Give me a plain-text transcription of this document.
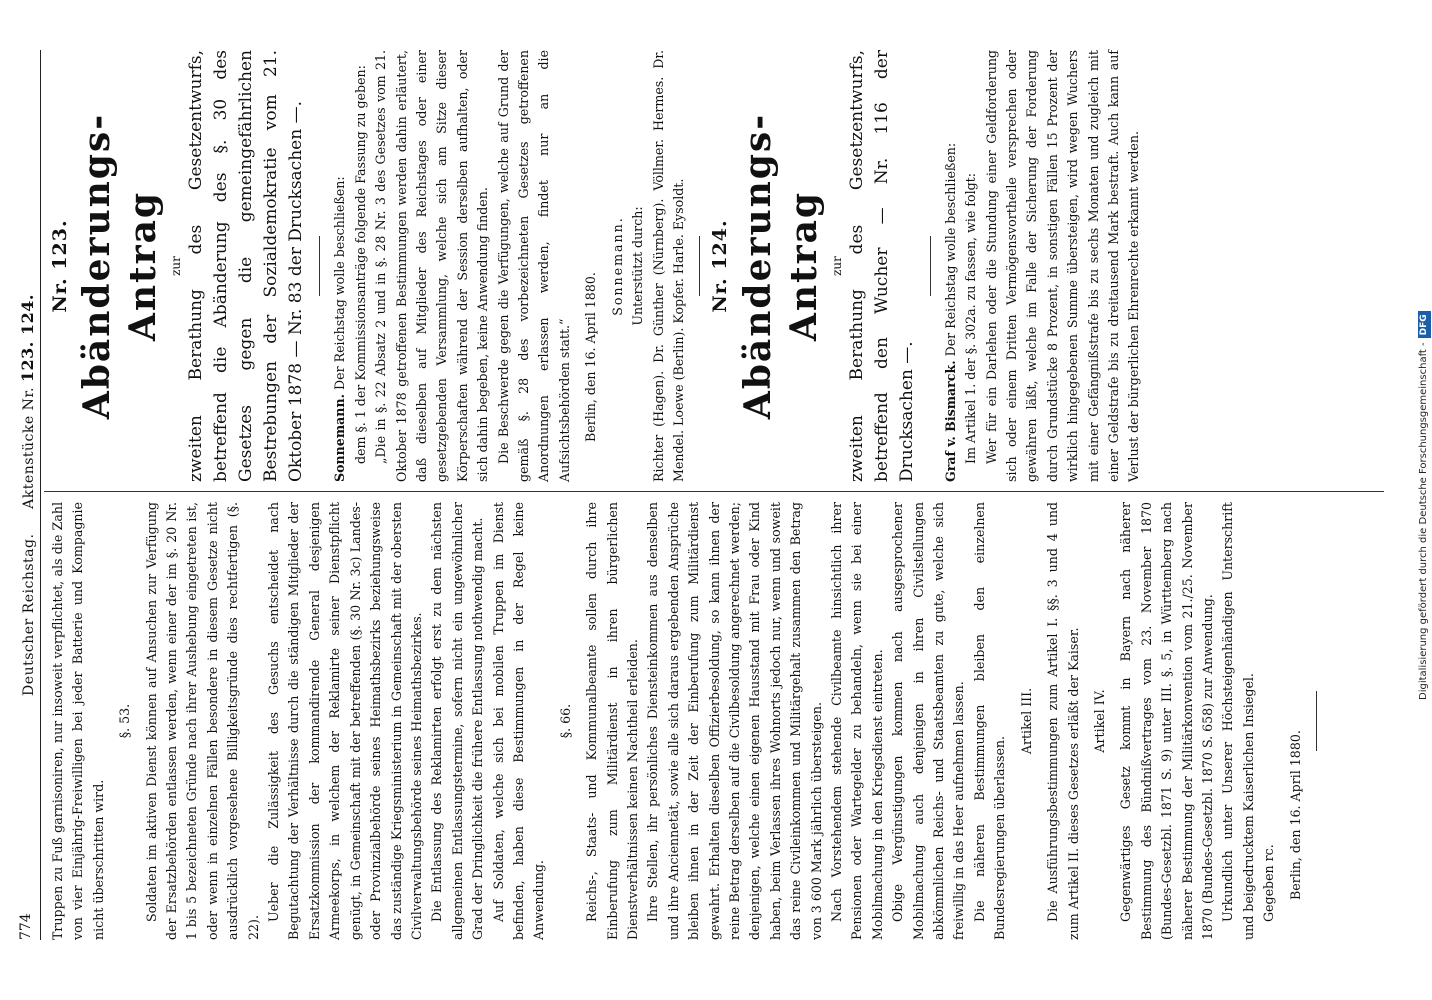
774
Deutscher Reichstag.     Aktenstücke Nr. 123. 124.

Truppen zu Fuß garnisoniren, nur insoweit verpflichtet, als die Zahl von vier Einjährig-Freiwilligen bei jeder Batterie und Kompagnie nicht überschritten wird.

§. 53. Soldaten im aktiven Dienst können auf Ansuchen zur Verfügung der Ersatzbehörden entlassen werden, wenn einer der im §. 20 Nr. 1 bis 5 bezeichneten Gründe nach ihrer Aushebung eingetreten ist, oder wenn in einzelnen Fällen besondere in diesem Gesetze nicht ausdrücklich vorgesehene Billigkeitsgründe dies rechtfertigen (§. 22).

Ueber die Zulässigkeit des Gesuchs entscheidet nach Begutachtung der Verhältnisse durch die ständigen Mitglieder der Ersatzkommission der kommandirende General desjenigen Armeekorps, in welchem der Reklamirte seiner Dienstpflicht genügt, in Gemeinschaft mit der betreffenden (§. 30 Nr. 3c) Landes- oder Provinzialbehörde seines Heimathsbezirks beziehungsweise das zuständige Kriegsministerium in Gemeinschaft mit der obersten Civilverwaltungsbehörde seines Heimathsbezirkes. Die Entlassung des Reklamirten erfolgt erst zu dem nächsten allgemeinen Entlassungstermine, sofern nicht ein ungewöhnlicher Grad der Dringlichkeit die frühere Entlassung nothwendig macht. Auf Soldaten, welche sich bei mobilen Truppen im Dienst befinden, haben diese Bestimmungen in der Regel keine Anwendung.

§. 66. Reichs-, Staats- und Kommunalbeamte sollen durch ihre Einberufung zum Militärdienst in ihren bürgerlichen Dienstverhältnissen keinen Nachtheil erleiden. Ihre Stellen, ihr persönliches Diensteinkommen aus denselben und ihre Anciennetät, sowie alle sich daraus ergebenden Ansprüche bleiben ihnen in der Zeit der Einberufung zum Militärdienst gewahrt. Erhalten dieselben Offizierbesoldung, so kann ihnen der reine Betrag derselben auf die Civilbesoldung angerechnet werden; denjenigen, welche einen eigenen Hausstand mit Frau oder Kind haben, beim Verlassen ihres Wohnorts jedoch nur, wenn und soweit das reine Civileinkommen und Militärgehalt zusammen den Betrag von 3 600 Mark jährlich übersteigen. Nach Vorstehendem stehende Civilbeamte hinsichtlich ihrer Pensionen oder Wartegelder zu behandeln, wenn sie bei einer Mobilmachung in den Kriegsdienst eintreten. Obige Vergünstigungen kommen nach ausgesprochener Mobilmachung auch denjenigen in ihren Civilstellungen abkömmlichen Reichs- und Staatsbeamten zu gute, welche sich freiwillig in das Heer aufnehmen lassen. Die näheren Bestimmungen bleiben den einzelnen Bundesregierungen überlassen.

Artikel III. Die Ausführungsbestimmungen zum Artikel I. §§. 3 und 4 und zum Artikel II. dieses Gesetzes erläßt der Kaiser. Artikel IV. Gegenwärtiges Gesetz kommt in Bayern nach näherer Bestimmung des Bündnißvertrages vom 23. November 1870 (Bundes-Gesetzbl. 1871 S. 9) unter III. §. 5, in Württemberg nach näherer Bestimmung der Militärkonvention vom 21./25. November 1870 (Bundes-Gesetzbl. 1870 S. 658) zur Anwendung. Urkundlich unter Unserer Höchsteigenhändigen Unterschrift und beigedrucktem Kaiserlichen Insiegel. Gegeben rc. Berlin, den 16. April 1880.

Nr. 123. Abänderungs-Antrag zur zweiten Berathung des Gesetzentwurfs, betreffend die Abänderung des §. 30 des Gesetzes gegen die gemeingefährlichen Bestrebungen der Sozialdemokratie vom 21. Oktober 1878 — Nr. 83 der Drucksachen —. Sonnemann. Der Reichstag wolle beschließen: dem §. 1 der Kommissionsanträge folgende Fassung zu geben: „Die in §. 22 Absatz 2 und in §. 28 Nr. 3 des Gesetzes vom 21. Oktober 1878 getroffenen Bestimmungen werden dahin erläutert, daß dieselben auf Mitglieder des Reichstages oder einer gesetzgebenden Versammlung, welche sich am Sitze dieser Körperschaften während der Session derselben aufhalten, oder sich dahin begeben, keine Anwendung finden. Die Beschwerde gegen die Verfügungen, welche auf Grund der gemäß §. 28 des vorbezeichneten Gesetzes getroffenen Anordnungen erlassen werden, findet nur an die Aufsichtsbehörden statt.“ Berlin, den 16. April 1880.

Sonnemann. Unterstützt durch: Richter (Hagen). Dr. Günther (Nürnberg). Völlmer. Hermes. Dr. Mendel. Loewe (Berlin). Kopfer. Harle. Eysoldt. Nr. 124. Abänderungs-Antrag zur zweiten Berathung des Gesetzentwurfs, betreffend den Wucher — Nr. 116 der Drucksachen —. Graf v. Bismarck. Der Reichstag wolle beschließen: Im Artikel 1. der §. 302a. zu fassen, wie folgt: Wer für ein Darlehen oder die Stundung einer Geldforderung sich oder einem Dritten Vermögensvortheile versprechen oder gewähren läßt, welche im Falle der Sicherung der Forderung durch Grundstücke 8 Prozent, in sonstigen Fällen 15 Prozent der wirklich hingegebenen Summe übersteigen, wird wegen Wuchers mit einer Gefängnißstrafe bis zu sechs Monaten und zugleich mit einer Geldstrafe bis zu dreitausend Mark bestraft. Auch kann auf Verlust der bürgerlichen Ehrenrechte erkannt werden.

Digitalisierung gefördert durch die Deutsche Forschungsgemeinschaft -DFG
